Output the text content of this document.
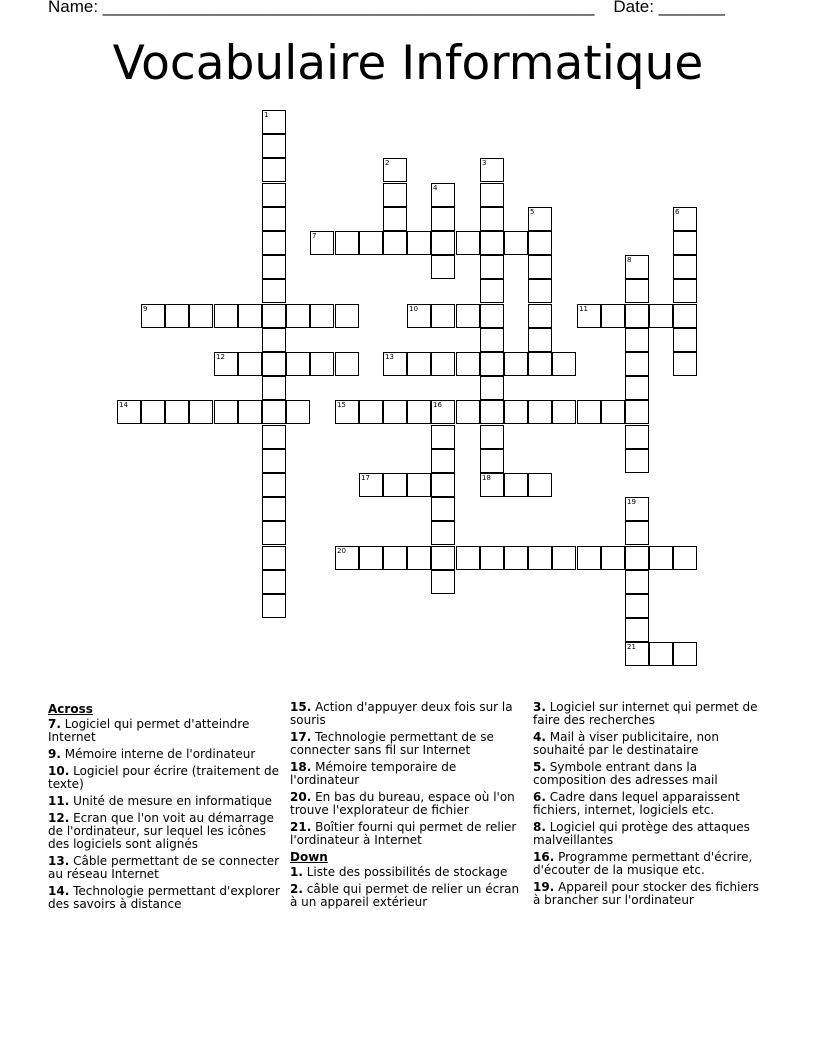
Name: ____________________________________________________ Date: _______
Vocabulaire Informatique
1
2	3
18
4
5	6
7
8
9	10	11
12	13
14	15	16
17
19
21
20
Across
7. Logiciel qui permet d'atteindre Internet
9. Mémoire interne de l'ordinateur
10. Logiciel pour écrire (traitement de texte)
11. Unité de mesure en informatique
12. Ecran que l'on voit au démarrage de l'ordinateur, sur lequel les icônes des logiciels sont alignés
13. Câble permettant de se connecter au réseau Internet
14. Technologie permettant d'explorer des savoirs à distance
15. Action d'appuyer deux fois sur la souris
17. Technologie permettant de se connecter sans fil sur Internet
18. Mémoire temporaire de l'ordinateur
20. En bas du bureau, espace où l'on trouve l'explorateur de fichier
21. Boîtier fourni qui permet de relier l'ordinateur à Internet
Down
1. Liste des possibilités de stockage
2. câble qui permet de relier un écran à un appareil extérieur
3. Logiciel sur internet qui permet de faire des recherches
4. Mail à viser publicitaire, non souhaité par le destinataire
5. Symbole entrant dans la composition des adresses mail
6. Cadre dans lequel apparaissent fichiers, internet, logiciels etc.
8. Logiciel qui protège des attaques malveillantes
16. Programme permettant d'écrire, d'écouter de la musique etc.
19. Appareil pour stocker des fichiers à brancher sur l'ordinateur
